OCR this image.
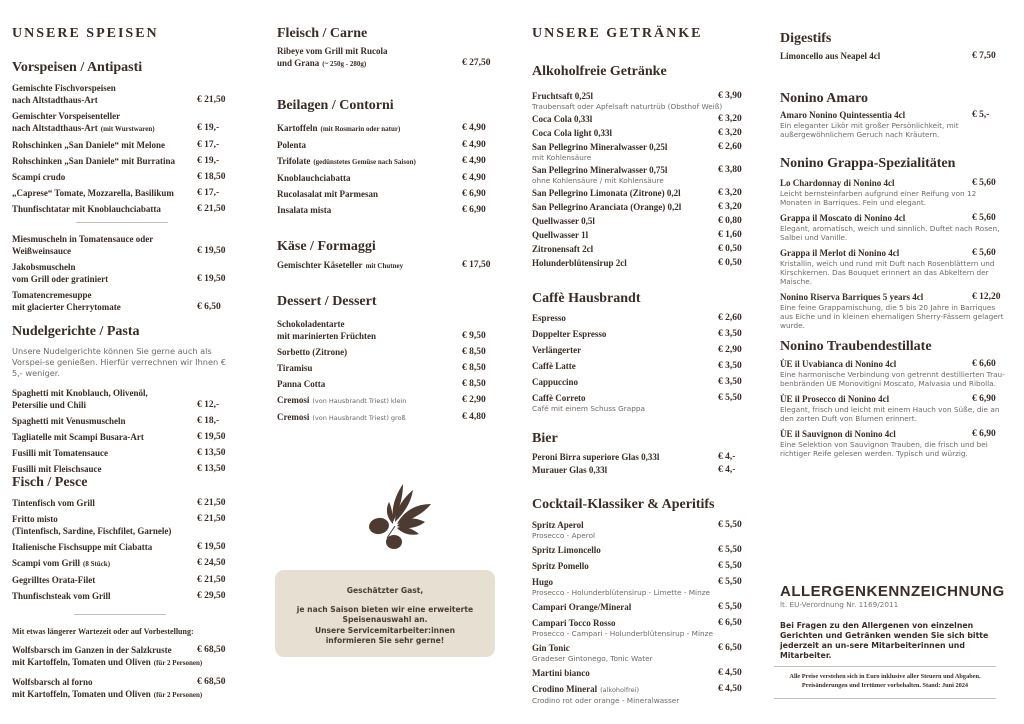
UNSERE SPEISEN
Vorspeisen / Antipasti
Gemischte Fischvorspeisen
nach Altstadthaus-Art	€ 21,50
Gemischter Vorspeisenteller
nach Altstadthaus-Art (mit Wurstwaren)	€ 19,-
Rohschinken „San Daniele“ mit Melone	€ 17,-
Rohschinken „San Daniele“ mit Burratina € 19,-
Scampi crudo	€ 18,50
„Caprese“ Tomate, Mozzarella, Basilikum € 17,-
Thunfischtatar mit Knoblauchciabatta	€ 21,50
Miesmuscheln in Tomatensauce oder
Weißweinsauce	€ 19,50
Jakobsmuscheln
vom Grill oder gratiniert	€ 19,50
Tomatencremesuppe
mit glacierter Cherrytomate	€ 6,50
Nudelgerichte / Pasta
Unsere Nudelgerichte können Sie gerne auch als Vorspei-se genießen. Hierfür verrechnen wir Ihnen € 5,- weniger.
Spaghetti mit Knoblauch, Olivenöl,
Petersilie und Chili	€ 12,-
Spaghetti mit Venusmuscheln	€ 18,-
Tagliatelle mit Scampi Busara-Art	€ 19,50
Fusilli mit Tomatensauce	€ 13,50
Fusilli mit Fleischsauce	€ 13,50
Fisch / Pesce
Tintenfisch vom Grill	€ 21,50
Fritto misto	€ 21,50
(Tintenfisch, Sardine, Fischfilet, Garnele)
Italienische Fischsuppe mit Ciabatta	€ 19,50
Scampi vom Grill (8 Stück)	€ 24,50
Gegrilltes Orata-Filet	€ 21,50
Thunfischsteak vom Grill	€ 29,50
Mit etwas längerer Wartezeit oder auf Vorbestellung:
Wolfsbarsch im Ganzen in der Salzkruste	€ 68,50
mit Kartoffeln, Tomaten und Oliven (für 2 Personen)
Wolfsbarsch al forno	€ 68,50
mit Kartoffeln, Tomaten und Oliven (für 2 Personen)
Fleisch / Carne
Ribeye vom Grill mit Rucola
und Grana (~ 250g - 280g)	€ 27,50
Beilagen / Contorni
Kartoffeln (mit Rosmarin oder natur)	€ 4,90
Polenta	€ 4,90
Trifolate (gedünstetes Gemüse nach Saison)	€ 4,90
Knoblauchciabatta	€ 4,90
Rucolasalat mit Parmesan	€ 6,90
Insalata mista	€ 6,90
Käse / Formaggi
Gemischter Käseteller mit Chutney	€ 17,50
Dessert / Dessert
Schokoladentarte
mit marinierten Früchten	€ 9,50
Sorbetto (Zitrone)	€ 8,50
Tiramisu	€ 8,50
Panna Cotta	€ 8,50
Cremosi (von Hausbrandt Triest) klein	€ 2,90
Cremosi (von Hausbrandt Triest) groß	€ 4,80
Geschätzter Gast,
je nach Saison bieten wir eine erweiterte
Speisenauswahl an.
Unsere Servicemitarbeiter:innen
informieren Sie sehr gerne!
UNSERE GETRÄNKE
Alkoholfreie Getränke
Fruchtsaft 0,25l	€ 3,90
Traubensaft oder Apfelsaft naturtrüb (Obsthof Weiß)
Coca Cola 0,33l	€ 3,20
Coca Cola light 0,33l	€ 3,20
San Pellegrino Mineralwasser 0,25l	€ 2,60
mit Kohlensäure
San Pellegrino Mineralwasser 0,75l	€ 3,80
ohne Kohlensäure / mit Kohlensäure
San Pellegrino Limonata (Zitrone) 0,2l	€ 3,20
San Pellegrino Aranciata (Orange) 0,2l	€ 3,20
Quellwasser 0,5l	€ 0,80
Quellwasser 1l	€ 1,60
Zitronensaft 2cl	€ 0,50
Holunderblütensirup 2cl	€ 0,50
Caffè Hausbrandt
Espresso	€ 2,60
Doppelter Espresso	€ 3,50
Verlängerter	€ 2,90
Caffè Latte	€ 3,50
Cappuccino	€ 3,50
Caffè Correto	€ 5,50
Café mit einem Schuss Grappa
Bier
Peroni Birra superiore Glas 0,33l	€ 4,-
Murauer Glas 0,33l	€ 4,-
Cocktail-Klassiker & Aperitifs
Spritz Aperol	€ 5,50
Prosecco - Aperol
Spritz Limoncello	€ 5,50
Spritz Pomello	€ 5,50
Hugo	€ 5,50
Prosecco - Holunderblütensirup - Limette - Minze
Campari Orange/Mineral	€ 5,50
Campari Tocco Rosso	€ 6,50
Prosecco - Campari - Holunderblütensirup - Minze
Gin Tonic	€ 6,50
Gradeser Gintonego, Tonic Water
Martini bianco	€ 4,50
Crodino Mineral (alkoholfrei)	€ 4,50
Crodino rot oder orange - Mineralwasser
Digestifs
Limoncello aus Neapel 4cl	€ 7,50
Nonino Amaro
Amaro Nonino Quintessentia 4cl	€ 5,-
Ein eleganter Likör mit großer Persönlichkeit, mit außergewöhnlichem Geruch nach Kräutern.
Nonino Grappa-Spezialitäten
Lo Chardonnay di Nonino 4cl	€ 5,60
Leicht bernsteinfarben aufgrund einer Reifung von 12 Monaten in Barriques. Fein und elegant.
Grappa il Moscato di Nonino 4cl	€ 5,60
Elegant, aromatisch, weich und sinnlich. Duftet nach Rosen, Salbei und Vanille.
Grappa il Merlot di Nonino 4cl	€ 5,60
Kristallin, weich und rund mit Duft nach Rosenblättern und Kirschkernen. Das Bouquet erinnert an das Abkeltern der Maische.
Nonino Riserva Barriques 5 years 4cl	€ 12,20
Eine feine Grappamischung, die 5 bis 20 Jahre in Barriques aus Eiche und in kleinen ehemaligen Sherry-Fässern gelagert wurde.
Nonino Traubendestillate
ÙE il Uvabianca di Nonino 4cl	€ 6,60
Eine harmonische Verbindung von getrennt destillierten Trau-benbränden ÙE Monovitigni Moscato, Malvasia und Ribolla.
ÙE il Prosecco di Nonino 4cl	€ 6,90
Elegant, frisch und leicht mit einem Hauch von Süße, die an den zarten Duft von Blumen erinnert.
ÙE il Sauvignon di Nonino 4cl	€ 6,90
Eine Selektion von Sauvignon Trauben, die frisch und bei richtiger Reife gelesen werden. Typisch und würzig.
ALLERGENKENNZEICHNUNG
lt. EU-Verordnung Nr. 1169/2011
Bei Fragen zu den Allergenen von einzelnen Gerichten und Getränken wenden Sie sich bitte jederzeit an un-sere Mitarbeiterinnen und Mitarbeiter.
Alle Preise verstehen sich in Euro inklusive aller Steuern und Abgaben.
Preisänderungen und Irrtümer vorbehalten. Stand: Juni 2024
